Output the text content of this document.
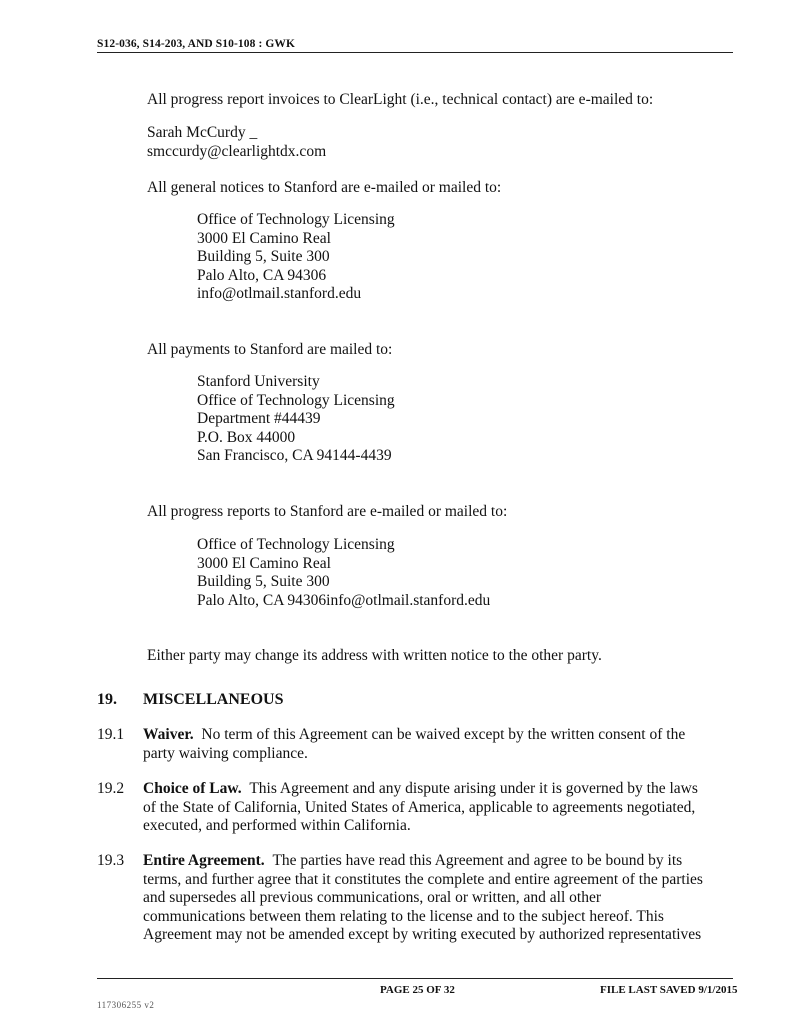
S12-036, S14-203, AND S10-108 : GWK
All progress report invoices to ClearLight (i.e., technical contact) are e-mailed to:
Sarah McCurdy _
smccurdy@clearlightdx.com
All general notices to Stanford are e-mailed or mailed to:
Office of Technology Licensing
3000 El Camino Real
Building 5, Suite 300
Palo Alto, CA 94306
info@otlmail.stanford.edu
All payments to Stanford are mailed to:
Stanford University
Office of Technology Licensing
Department #44439
P.O. Box 44000
San Francisco, CA 94144-4439
All progress reports to Stanford are e-mailed or mailed to:
Office of Technology Licensing
3000 El Camino Real
Building 5, Suite 300
Palo Alto, CA 94306info@otlmail.stanford.edu
Either party may change its address with written notice to the other party.
19. MISCELLANEOUS
19.1 Waiver. No term of this Agreement can be waived except by the written consent of the
party waiving compliance.
19.2 Choice of Law. This Agreement and any dispute arising under it is governed by the laws
of the State of California, United States of America, applicable to agreements negotiated,
executed, and performed within California.
19.3 Entire Agreement. The parties have read this Agreement and agree to be bound by its
terms, and further agree that it constitutes the complete and entire agreement of the parties
and supersedes all previous communications, oral or written, and all other
communications between them relating to the license and to the subject hereof. This
Agreement may not be amended except by writing executed by authorized representatives
PAGE 25 OF 32	FILE LAST SAVED 9/1/2015
117306255 v2
